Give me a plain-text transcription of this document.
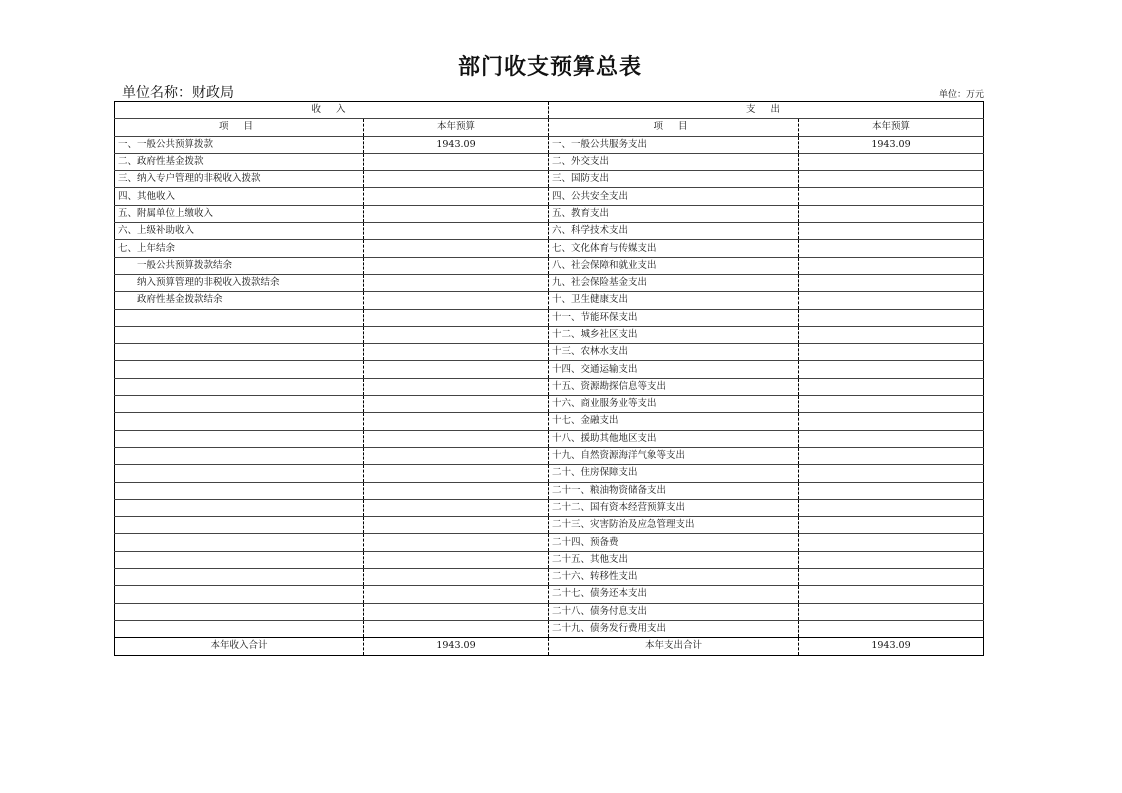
部门收支预算总表
单位名称：财政局	单位：万元
收 入		支 出	
项 目	本年预算	项 目	本年预算
一、一般公共预算拨款	1943.09	一、一般公共服务支出	1943.09
二、政府性基金拨款		二、外交支出	
三、纳入专户管理的非税收入拨款		三、国防支出	
四、其他收入		四、公共安全支出	
五、附属单位上缴收入		五、教育支出	
六、上级补助收入		六、科学技术支出	
七、上年结余		七、文化体育与传媒支出	
一般公共预算拨款结余		八、社会保障和就业支出	
纳入预算管理的非税收入拨款结余		九、社会保险基金支出	
政府性基金拨款结余		十、卫生健康支出	
		十一、节能环保支出	
		十二、城乡社区支出	
		十三、农林水支出	
		十四、交通运输支出	
		十五、资源勘探信息等支出	
		十六、商业服务业等支出	
		十七、金融支出	
		十八、援助其他地区支出	
		十九、自然资源海洋气象等支出	
		二十、住房保障支出	
		二十一、粮油物资储备支出	
		二十二、国有资本经营预算支出	
		二十三、灾害防治及应急管理支出	
		二十四、预备费	
		二十五、其他支出	
		二十六、转移性支出	
		二十七、债务还本支出	
		二十八、债务付息支出	
		二十九、债务发行费用支出	
本年收入合计	1943.09	本年支出合计	1943.09
